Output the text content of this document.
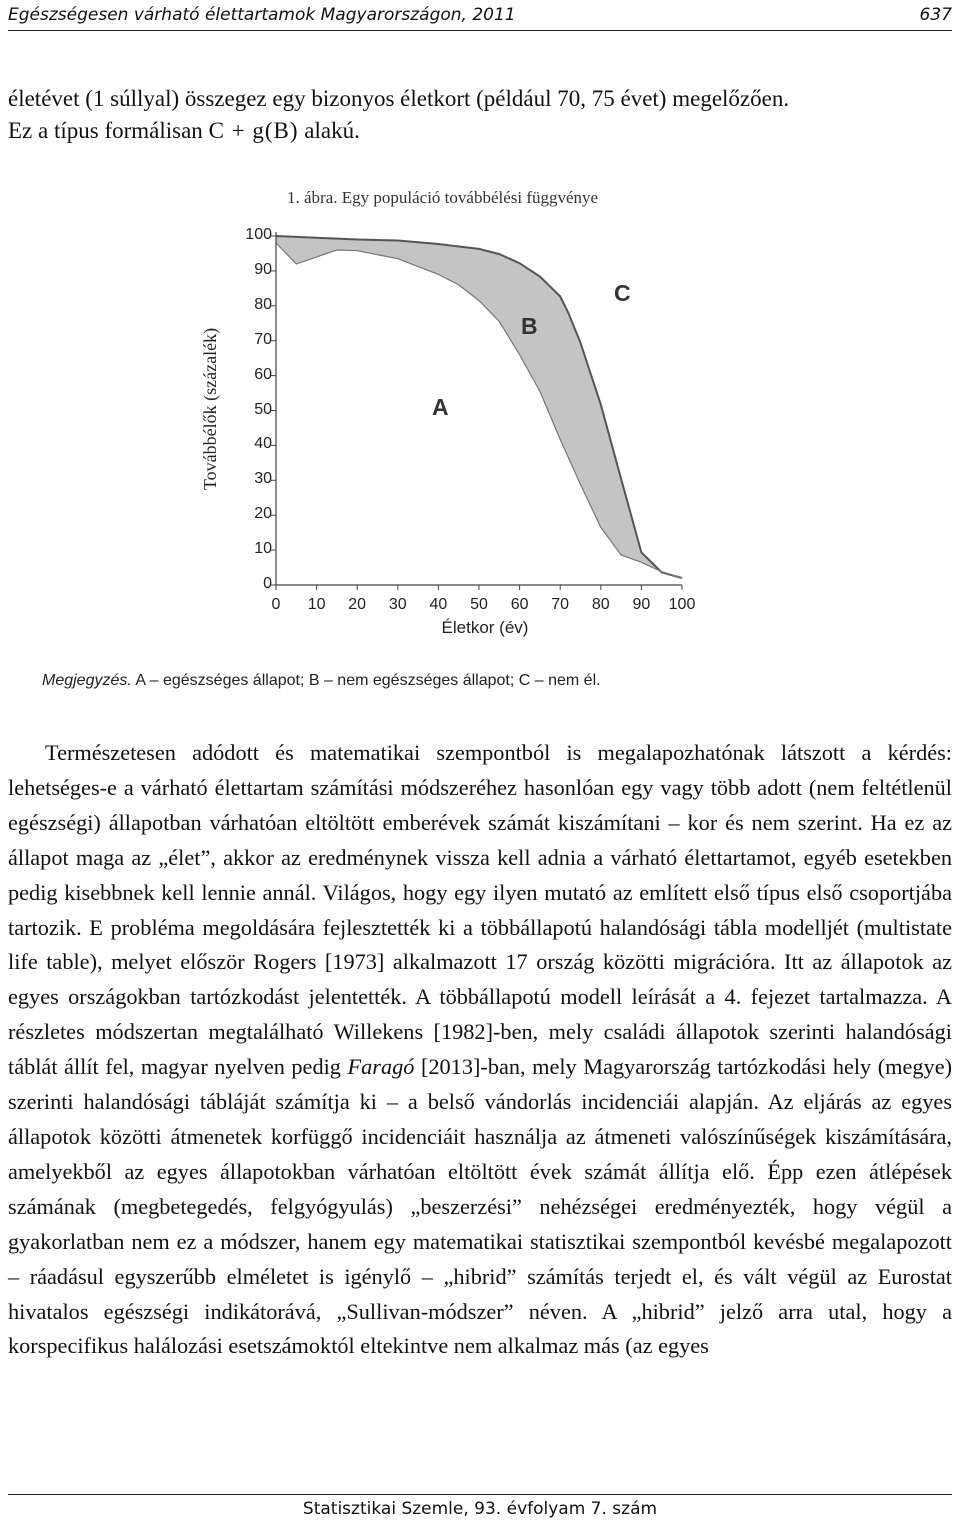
Egészségesen várható élettartamok Magyarországon, 2011	637

életévet (1 súllyal) összegez egy bizonyos életkort (például 70, 75 évet) megelőzően.

Ez a típus formálisan C + g(B) alakú.

1. ábra. Egy populáció továbbélési függvénye
Továbbélők (százalék)
0
10
20
30
40
50
60
70
80
90
100
0	10	20	30	40	50	60	70	80	90	100
Életkor (év)
A
B
C
Megjegyzés. A – egészséges állapot; B – nem egészséges állapot; C – nem él.

Természetesen adódott és matematikai szempontból is megalapozhatónak látszott a kérdés: lehetséges-e a várható élettartam számítási módszeréhez hasonlóan egy vagy több adott (nem feltétlenül egészségi) állapotban várhatóan eltöltött emberévek számát kiszámítani – kor és nem szerint. Ha ez az állapot maga az „élet”, akkor az eredménynek vissza kell adnia a várható élettartamot, egyéb esetekben pedig kisebbnek kell lennie annál. Világos, hogy egy ilyen mutató az említett első típus első csoportjába tartozik. E probléma megoldására fejlesztették ki a többállapotú halandósági tábla modelljét (multistate life table), melyet először Rogers [1973] alkalmazott 17 ország közötti migrációra. Itt az állapotok az egyes országokban tartózkodást jelentették. A többállapotú modell leírását a 4. fejezet tartalmazza. A részletes módszertan megtalálható Willekens [1982]-ben, mely családi állapotok szerinti halandósági táblát állít fel, magyar nyelven pedig Faragó [2013]-ban, mely Magyarország tartózkodási hely (megye) szerinti halandósági tábláját számítja ki – a belső vándorlás incidenciái alapján. Az eljárás az egyes állapotok közötti átmenetek korfüggő incidenciáit használja az átmeneti valószínűségek kiszámítására, amelyekből az egyes állapotokban várhatóan eltöltött évek számát állítja elő. Épp ezen átlépések számának (megbetegedés, felgyógyulás) „beszerzési” nehézségei eredményezték, hogy végül a gyakorlatban nem ez a módszer, hanem egy matematikai statisztikai szempontból kevésbé megalapozott – ráadásul egyszerűbb elméletet is igénylő – „hibrid” számítás terjedt el, és vált végül az Eurostat hivatalos egészségi indikátorává, „Sullivan-módszer” néven. A „hibrid” jelző arra utal, hogy a korspecifikus halálozási esetszámoktól eltekintve nem alkalmaz más (az egyes

Statisztikai Szemle, 93. évfolyam 7. szám
